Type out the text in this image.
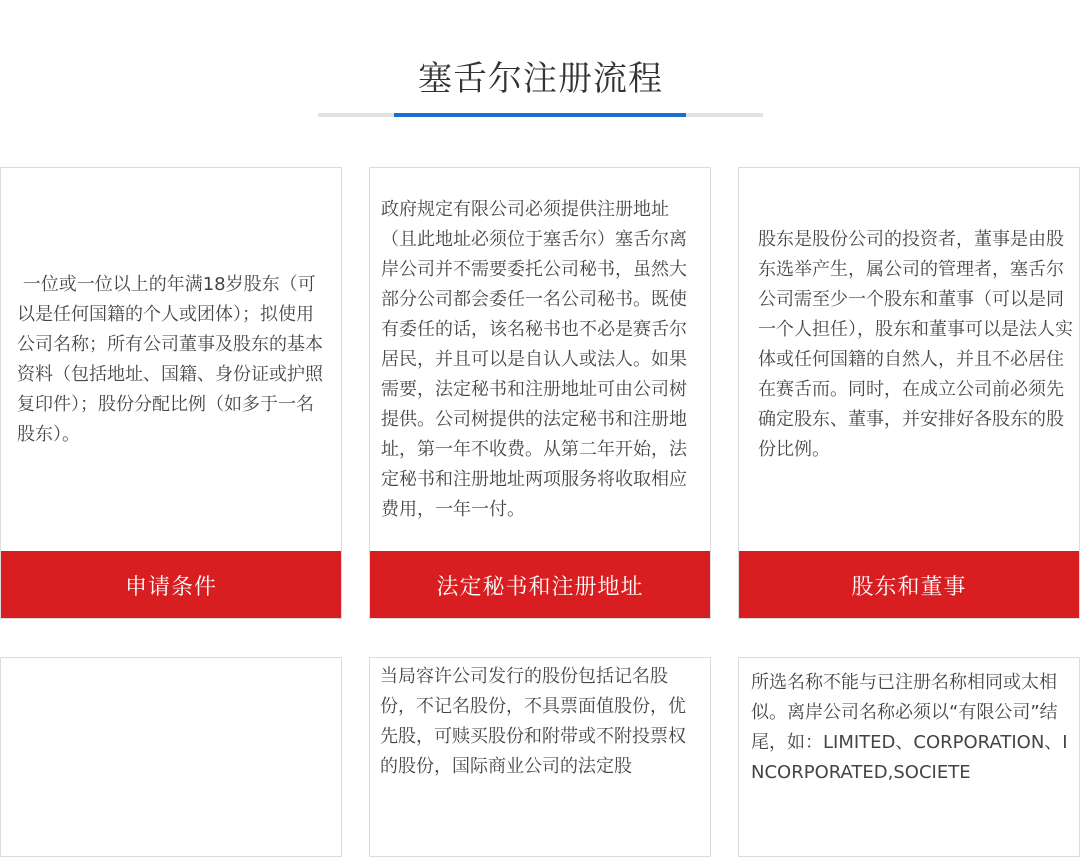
塞舌尔注册流程
一位或一位以上的年满18岁股东（可以是任何国籍的个人或团体）；拟使用公司名称；所有公司董事及股东的基本资料（包括地址、国籍、身份证或护照复印件）；股份分配比例（如多于一名股东）。
申请条件
政府规定有限公司必须提供注册地址（且此地址必须位于塞舌尔）塞舌尔离岸公司并不需要委托公司秘书，虽然大部分公司都会委任一名公司秘书。既使有委任的话，该名秘书也不必是赛舌尔居民，并且可以是自认人或法人。如果需要，法定秘书和注册地址可由公司树提供。公司树提供的法定秘书和注册地址，第一年不收费。从第二年开始，法定秘书和注册地址两项服务将收取相应费用，一年一付。
法定秘书和注册地址
股东是股份公司的投资者，董事是由股东选举产生，属公司的管理者，塞舌尔公司需至少一个股东和董事（可以是同一个人担任），股东和董事可以是法人实体或任何国籍的自然人，并且不必居住在赛舌而。同时，在成立公司前必须先确定股东、董事，并安排好各股东的股份比例。
股东和董事
当局容许公司发行的股份包括记名股份，不记名股份，不具票面值股份，优先股，可赎买股份和附带或不附投票权的股份，国际商业公司的法定股
所选名称不能与已注册名称相同或太相似。离岸公司名称必须以“有限公司”结尾，如：LIMITED、CORPORATION、INCORPORATED,SOCIETE
